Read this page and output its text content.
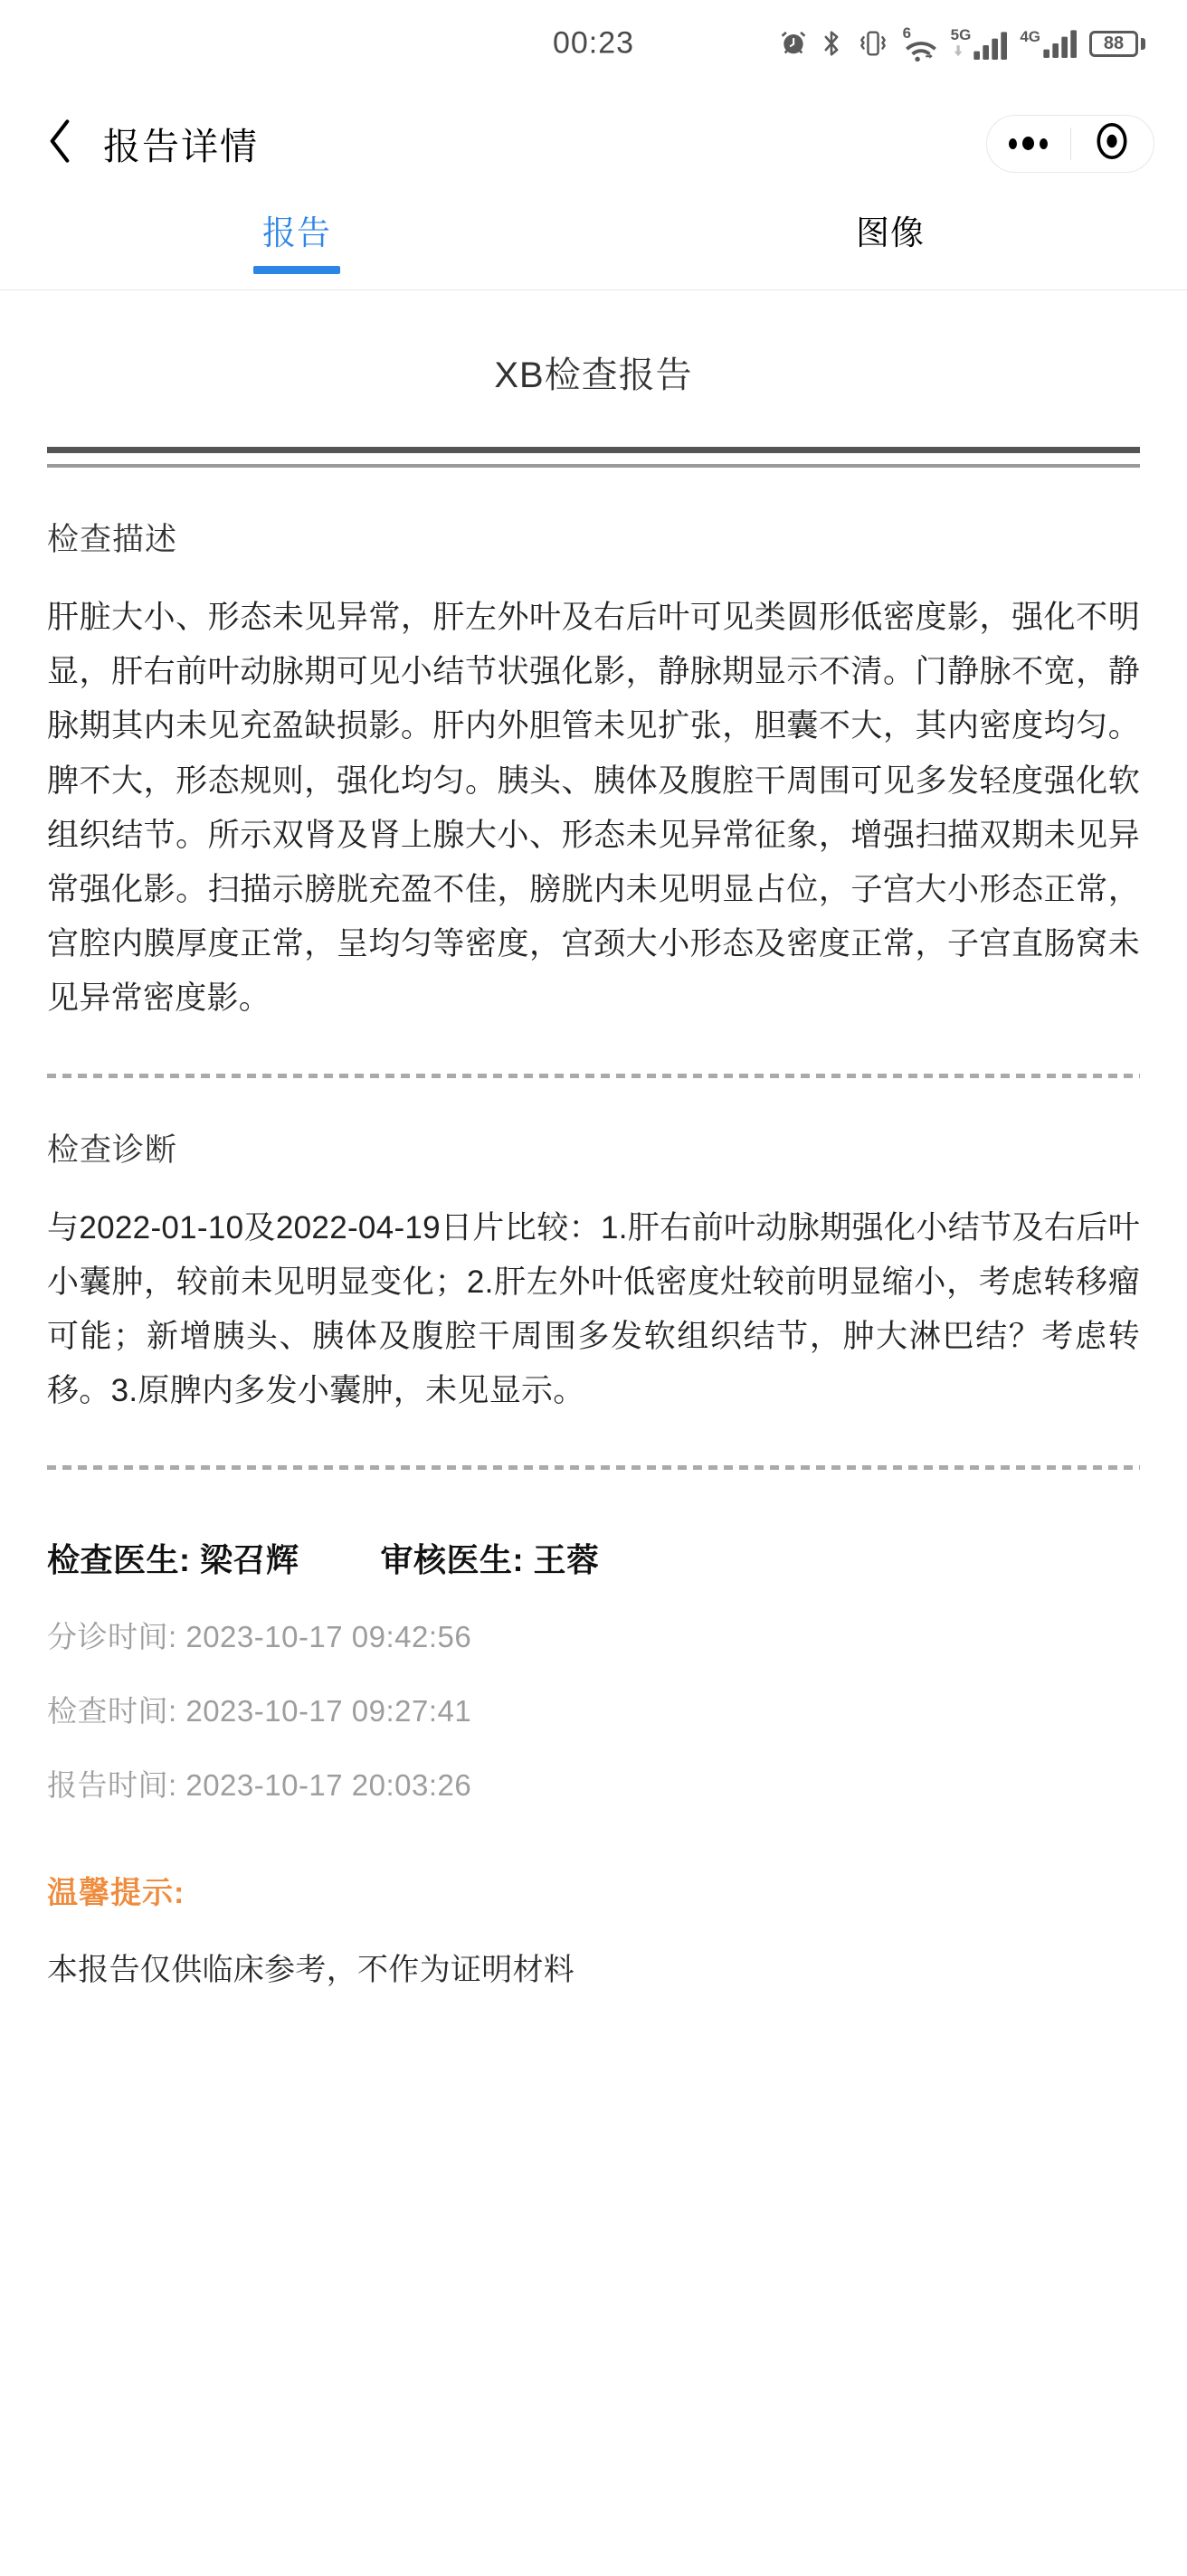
00:23	6	5G	4G	88
报告详情
报告	图像
XB检查报告
检查描述
肝脏大小、形态未见异常，肝左外叶及右后叶可见类圆形低密度影，强化不明显，肝右前叶动脉期可见小结节状强化影，静脉期显示不清。门静脉不宽，静脉期其内未见充盈缺损影。肝内外胆管未见扩张，胆囊不大，其内密度均匀。脾不大，形态规则，强化均匀。胰头、胰体及腹腔干周围可见多发轻度强化软组织结节。所示双肾及肾上腺大小、形态未见异常征象，增强扫描双期未见异常强化影。扫描示膀胱充盈不佳，膀胱内未见明显占位，子宫大小形态正常，宫腔内膜厚度正常，呈均匀等密度，宫颈大小形态及密度正常，子宫直肠窝未见异常密度影。
检查诊断
与2022-01-10及2022-04-19日片比较：1.肝右前叶动脉期强化小结节及右后叶小囊肿，较前未见明显变化；2.肝左外叶低密度灶较前明显缩小，考虑转移瘤可能；新增胰头、胰体及腹腔干周围多发软组织结节，肿大淋巴结？考虑转移。3.原脾内多发小囊肿，未见显示。
检查医生: 梁召辉	审核医生: 王蓉
分诊时间: 2023-10-17 09:42:56
检查时间: 2023-10-17 09:27:41
报告时间: 2023-10-17 20:03:26
温馨提示:
本报告仅供临床参考，不作为证明材料
